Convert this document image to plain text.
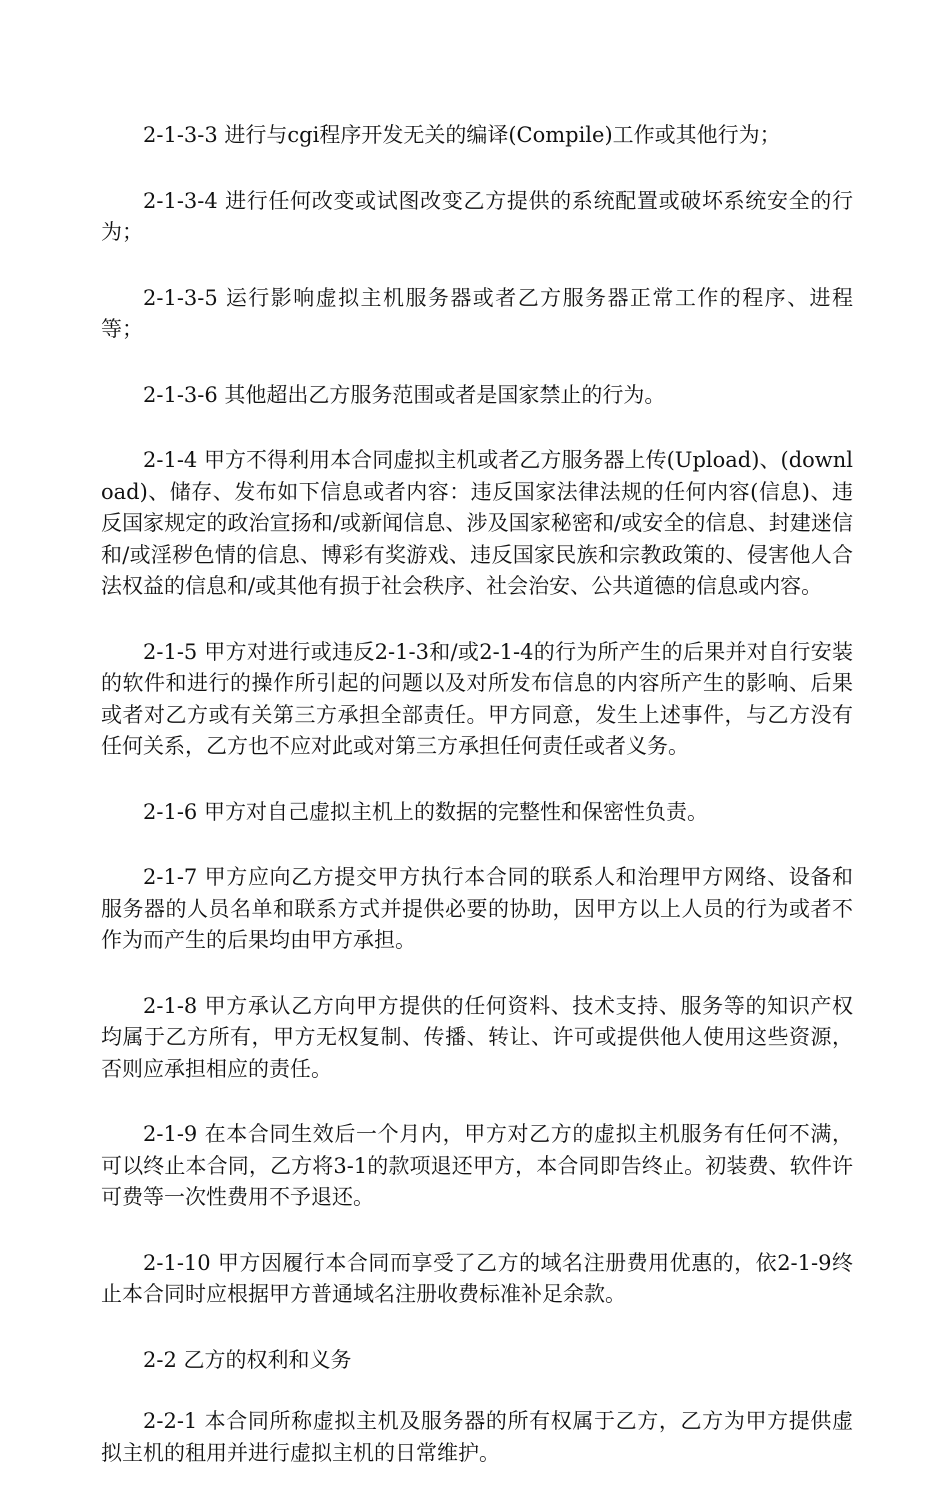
2-1-3-3 进行与cgi程序开发无关的编译(Compile)工作或其他行为；

2-1-3-4 进行任何改变或试图改变乙方提供的系统配置或破坏系统安全的行为；

2-1-3-5 运行影响虚拟主机服务器或者乙方服务器正常工作的程序、进程等；

2-1-3-6 其他超出乙方服务范围或者是国家禁止的行为。

2-1-4 甲方不得利用本合同虚拟主机或者乙方服务器上传(Upload)、(download)、储存、发布如下信息或者内容：违反国家法律法规的任何内容(信息)、违反国家规定的政治宣扬和/或新闻信息、涉及国家秘密和/或安全的信息、封建迷信和/或淫秽色情的信息、博彩有奖游戏、违反国家民族和宗教政策的、侵害他人合法权益的信息和/或其他有损于社会秩序、社会治安、公共道德的信息或内容。

2-1-5 甲方对进行或违反2-1-3和/或2-1-4的行为所产生的后果并对自行安装的软件和进行的操作所引起的问题以及对所发布信息的内容所产生的影响、后果或者对乙方或有关第三方承担全部责任。甲方同意，发生上述事件，与乙方没有任何关系，乙方也不应对此或对第三方承担任何责任或者义务。

2-1-6 甲方对自己虚拟主机上的数据的完整性和保密性负责。

2-1-7 甲方应向乙方提交甲方执行本合同的联系人和治理甲方网络、设备和服务器的人员名单和联系方式并提供必要的协助，因甲方以上人员的行为或者不作为而产生的后果均由甲方承担。

2-1-8 甲方承认乙方向甲方提供的任何资料、技术支持、服务等的知识产权均属于乙方所有，甲方无权复制、传播、转让、许可或提供他人使用这些资源，否则应承担相应的责任。

2-1-9 在本合同生效后一个月内，甲方对乙方的虚拟主机服务有任何不满，可以终止本合同，乙方将3-1的款项退还甲方，本合同即告终止。初装费、软件许可费等一次性费用不予退还。

2-1-10 甲方因履行本合同而享受了乙方的域名注册费用优惠的，依2-1-9终止本合同时应根据甲方普通域名注册收费标准补足余款。

2-2 乙方的权利和义务

2-2-1 本合同所称虚拟主机及服务器的所有权属于乙方，乙方为甲方提供虚拟主机的租用并进行虚拟主机的日常维护。
